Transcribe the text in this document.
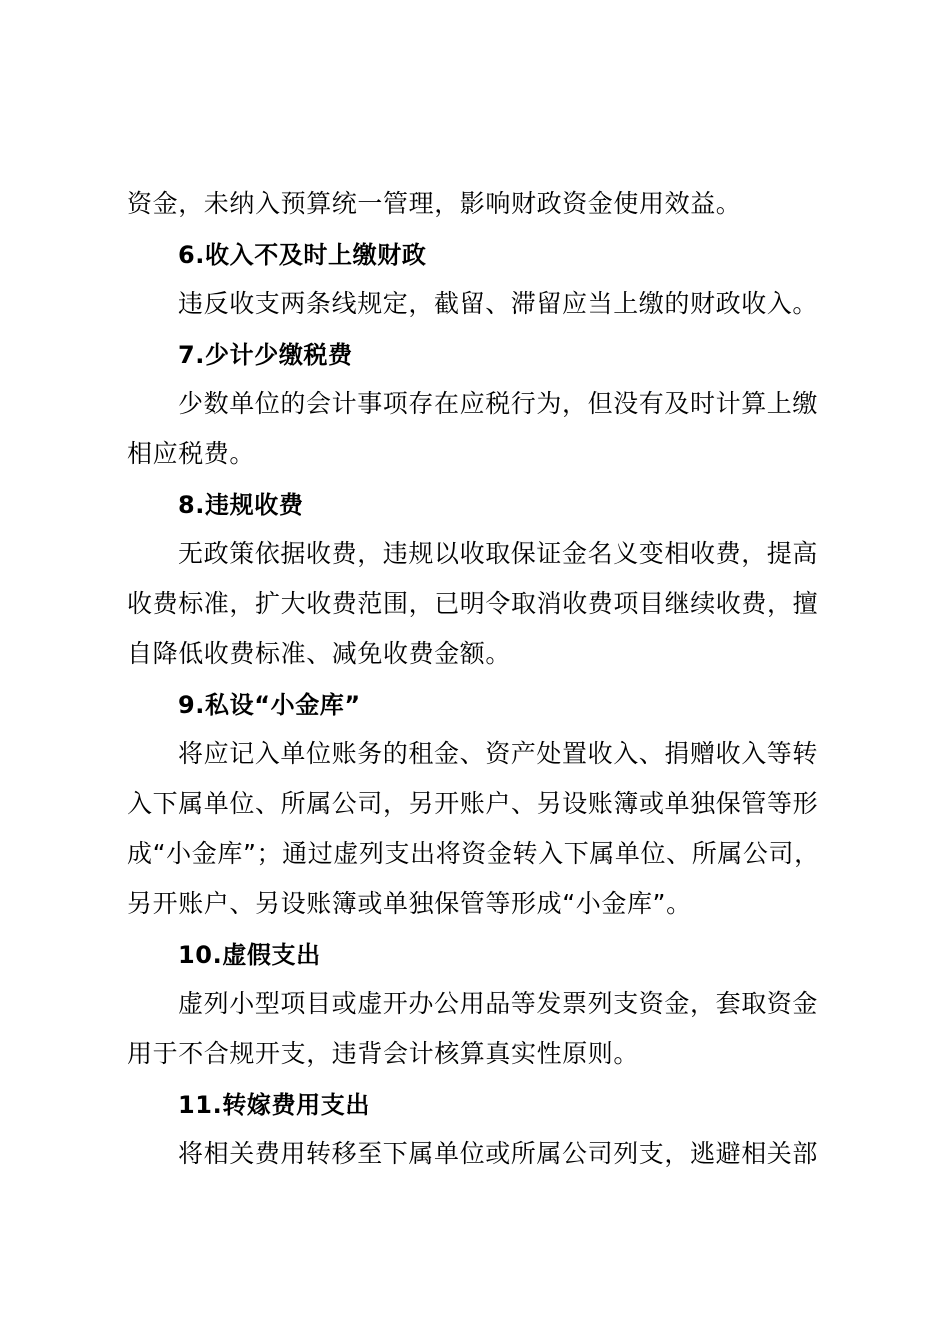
资金，未纳入预算统一管理，影响财政资金使用效益。
6.收入不及时上缴财政
违反收支两条线规定，截留、滞留应当上缴的财政收入。
7.少计少缴税费
少数单位的会计事项存在应税行为，但没有及时计算上缴
相应税费。
8.违规收费
无政策依据收费，违规以收取保证金名义变相收费，提高
收费标准，扩大收费范围，已明令取消收费项目继续收费，擅
自降低收费标准、减免收费金额。
9.私设“小金库”
将应记入单位账务的租金、资产处置收入、捐赠收入等转
入下属单位、所属公司，另开账户、另设账簿或单独保管等形
成“小金库”；通过虚列支出将资金转入下属单位、所属公司，
另开账户、另设账簿或单独保管等形成“小金库”。
10.虚假支出
虚列小型项目或虚开办公用品等发票列支资金，套取资金
用于不合规开支，违背会计核算真实性原则。
11.转嫁费用支出
将相关费用转移至下属单位或所属公司列支，逃避相关部
